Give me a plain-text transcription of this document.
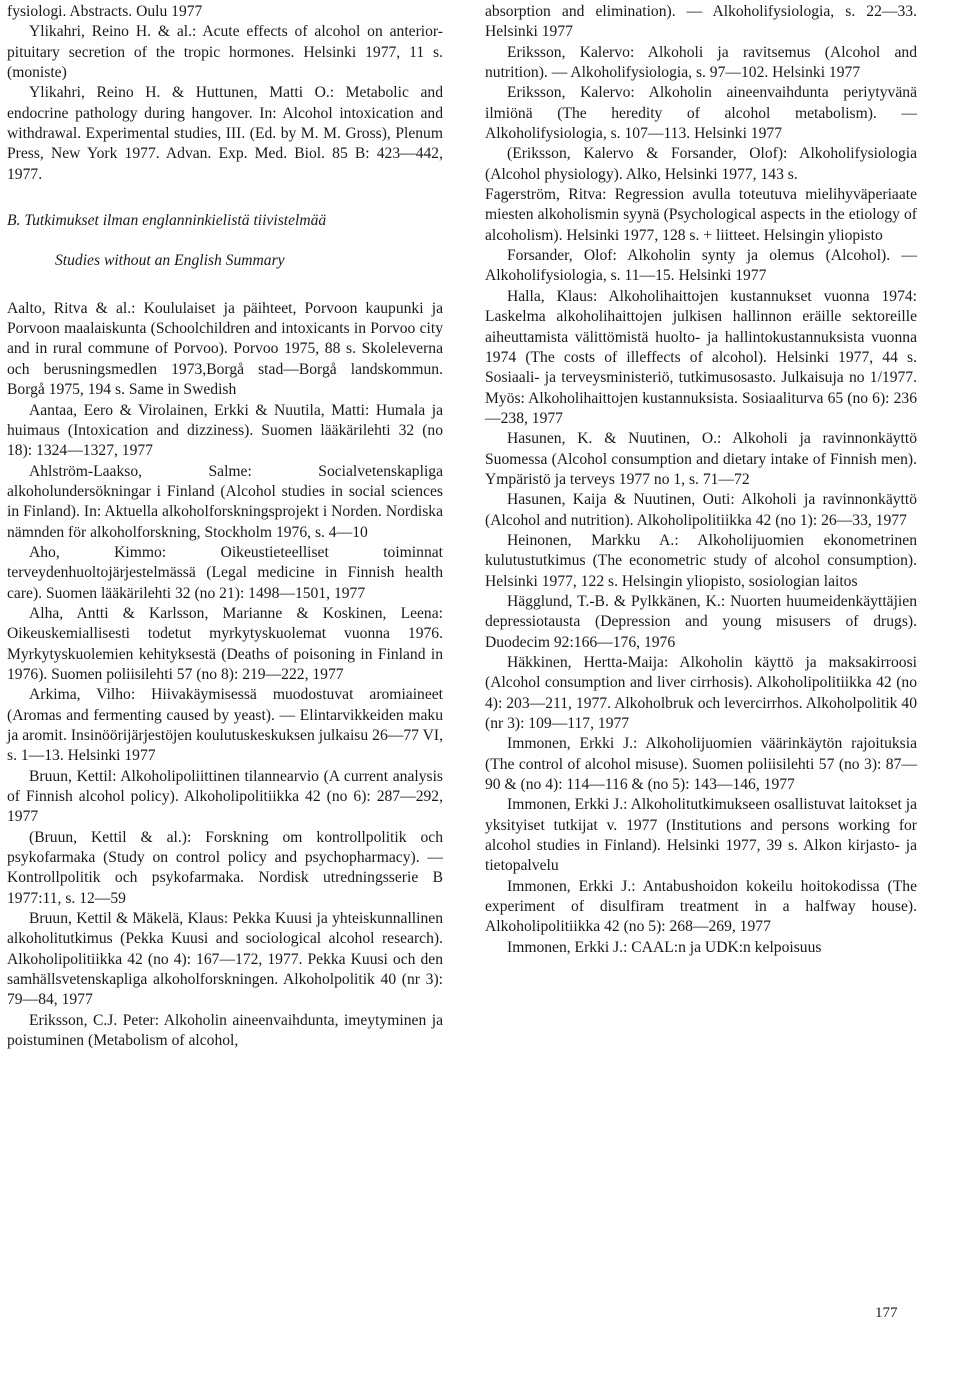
fysiologi. Abstracts. Oulu 1977

Ylikahri, Reino H. & al.: Acute effects of alcohol on anterior-pituitary secretion of the tropic hormones. Helsinki 1977, 11 s. (moniste)

Ylikahri, Reino H. & Huttunen, Matti O.: Metabolic and endocrine pathology during hangover. In: Alcohol intoxication and withdrawal. Experimental studies, III. (Ed. by M. M. Gross), Plenum Press, New York 1977. Advan. Exp. Med. Biol. 85 B: 423—442, 1977.

B. Tutkimukset ilman englanninkielistä tiivistelmää

Studies without an English Summary

Aalto, Ritva & al.: Koululaiset ja päihteet, Porvoon kaupunki ja Porvoon maalaiskunta (Schoolchildren and intoxicants in Porvoo city and in rural commune of Porvoo). Porvoo 1975, 88 s. Skoleleverna och berusningsmedlen 1973,Borgå stad—Borgå landskommun. Borgå 1975, 194 s. Same in Swedish

Aantaa, Eero & Virolainen, Erkki & Nuutila, Matti: Humala ja huimaus (Intoxication and dizziness). Suomen lääkärilehti 32 (no 18): 1324—1327, 1977

Ahlström-Laakso, Salme: Socialvetenskapliga alkoholundersökningar i Finland (Alcohol studies in social sciences in Finland). In: Aktuella alkoholforskningsprojekt i Norden. Nordiska nämnden för alkoholforskning, Stockholm 1976, s. 4—10

Aho, Kimmo: Oikeustieteelliset toiminnat terveydenhuoltojärjestelmässä (Legal medicine in Finnish health care). Suomen lääkärilehti 32 (no 21): 1498—1501, 1977

Alha, Antti & Karlsson, Marianne & Koskinen, Leena: Oikeuskemiallisesti todetut myrkytyskuolemat vuonna 1976. Myrkytyskuolemien kehityksestä (Deaths of poisoning in Finland in 1976). Suomen poliisilehti 57 (no 8): 219—222, 1977

Arkima, Vilho: Hiivakäymisessä muodostuvat aromiaineet (Aromas and fermenting caused by yeast). — Elintarvikkeiden maku ja aromit. Insinöörijärjestöjen koulutuskeskuksen julkaisu 26—77 VI, s. 1—13. Helsinki 1977

Bruun, Kettil: Alkoholipoliittinen tilannearvio (A current analysis of Finnish alcohol policy). Alkoholipolitiikka 42 (no 6): 287—292, 1977

(Bruun, Kettil & al.): Forskning om kontrollpolitik och psykofarmaka (Study on control policy and psychopharmacy). — Kontrollpolitik och psykofarmaka. Nordisk utredningsserie B 1977:11, s. 12—59

Bruun, Kettil & Mäkelä, Klaus: Pekka Kuusi ja yhteiskunnallinen alkoholitutkimus (Pekka Kuusi and sociological alcohol research). Alkoholipolitiikka 42 (no 4): 167—172, 1977. Pekka Kuusi och den samhällsvetenskapliga alkoholforskningen. Alkoholpolitik 40 (nr 3): 79—84, 1977

Eriksson, C.J. Peter: Alkoholin aineenvaihdunta, imeytyminen ja poistuminen (Metabolism of alcohol,

absorption and elimination). — Alkoholifysiologia, s. 22—33. Helsinki 1977

Eriksson, Kalervo: Alkoholi ja ravitsemus (Alcohol and nutrition). — Alkoholifysiologia, s. 97—102. Helsinki 1977

Eriksson, Kalervo: Alkoholin aineenvaihdunta periytyvänä ilmiönä (The heredity of alcohol metabolism). — Alkoholifysiologia, s. 107—113. Helsinki 1977

(Eriksson, Kalervo & Forsander, Olof): Alkoholifysiologia (Alcohol physiology). Alko, Helsinki 1977, 143 s.

Fagerström, Ritva: Regression avulla toteutuva mielihyväperiaate miesten alkoholismin syynä (Psychological aspects in the etiology of alcoholism). Helsinki 1977, 128 s. + liitteet. Helsingin yliopisto

Forsander, Olof: Alkoholin synty ja olemus (Alcohol). — Alkoholifysiologia, s. 11—15. Helsinki 1977

Halla, Klaus: Alkoholihaittojen kustannukset vuonna 1974: Laskelma alkoholihaittojen julkisen hallinnon eräille sektoreille aiheuttamista välittömistä huolto- ja hallintokustannuksista vuonna 1974 (The costs of illeffects of alcohol). Helsinki 1977, 44 s. Sosiaali- ja terveysministeriö, tutkimusosasto. Julkaisuja no 1/1977. Myös: Alkoholihaittojen kustannuksista. Sosiaaliturva 65 (no 6): 236—238, 1977

Hasunen, K. & Nuutinen, O.: Alkoholi ja ravinnonkäyttö Suomessa (Alcohol consumption and dietary intake of Finnish men). Ympäristö ja terveys 1977 no 1, s. 71—72

Hasunen, Kaija & Nuutinen, Outi: Alkoholi ja ravinnonkäyttö (Alcohol and nutrition). Alkoholipolitiikka 42 (no 1): 26—33, 1977

Heinonen, Markku A.: Alkoholijuomien ekonometrinen kulutustutkimus (The econometric study of alcohol consumption). Helsinki 1977, 122 s. Helsingin yliopisto, sosiologian laitos

Hägglund, T.-B. & Pylkkänen, K.: Nuorten huumeidenkäyttäjien depressiotausta (Depression and young misusers of drugs). Duodecim 92:166—176, 1976

Häkkinen, Hertta-Maija: Alkoholin käyttö ja maksakirroosi (Alcohol consumption and liver cirrhosis). Alkoholipolitiikka 42 (no 4): 203—211, 1977. Alkoholbruk och levercirrhos. Alkoholpolitik 40 (nr 3): 109—117, 1977

Immonen, Erkki J.: Alkoholijuomien väärinkäytön rajoituksia (The control of alcohol misuse). Suomen poliisilehti 57 (no 3): 87—90 & (no 4): 114—116 & (no 5): 143—146, 1977

Immonen, Erkki J.: Alkoholitutkimukseen osallistuvat laitokset ja yksityiset tutkijat v. 1977 (Institutions and persons working for alcohol studies in Finland). Helsinki 1977, 39 s. Alkon kirjasto- ja tietopalvelu

Immonen, Erkki J.: Antabushoidon kokeilu hoitokodissa (The experiment of disulfiram treatment in a halfway house). Alkoholipolitiikka 42 (no 5): 268—269, 1977

Immonen, Erkki J.: CAAL:n ja UDK:n kelpoisuus

177
